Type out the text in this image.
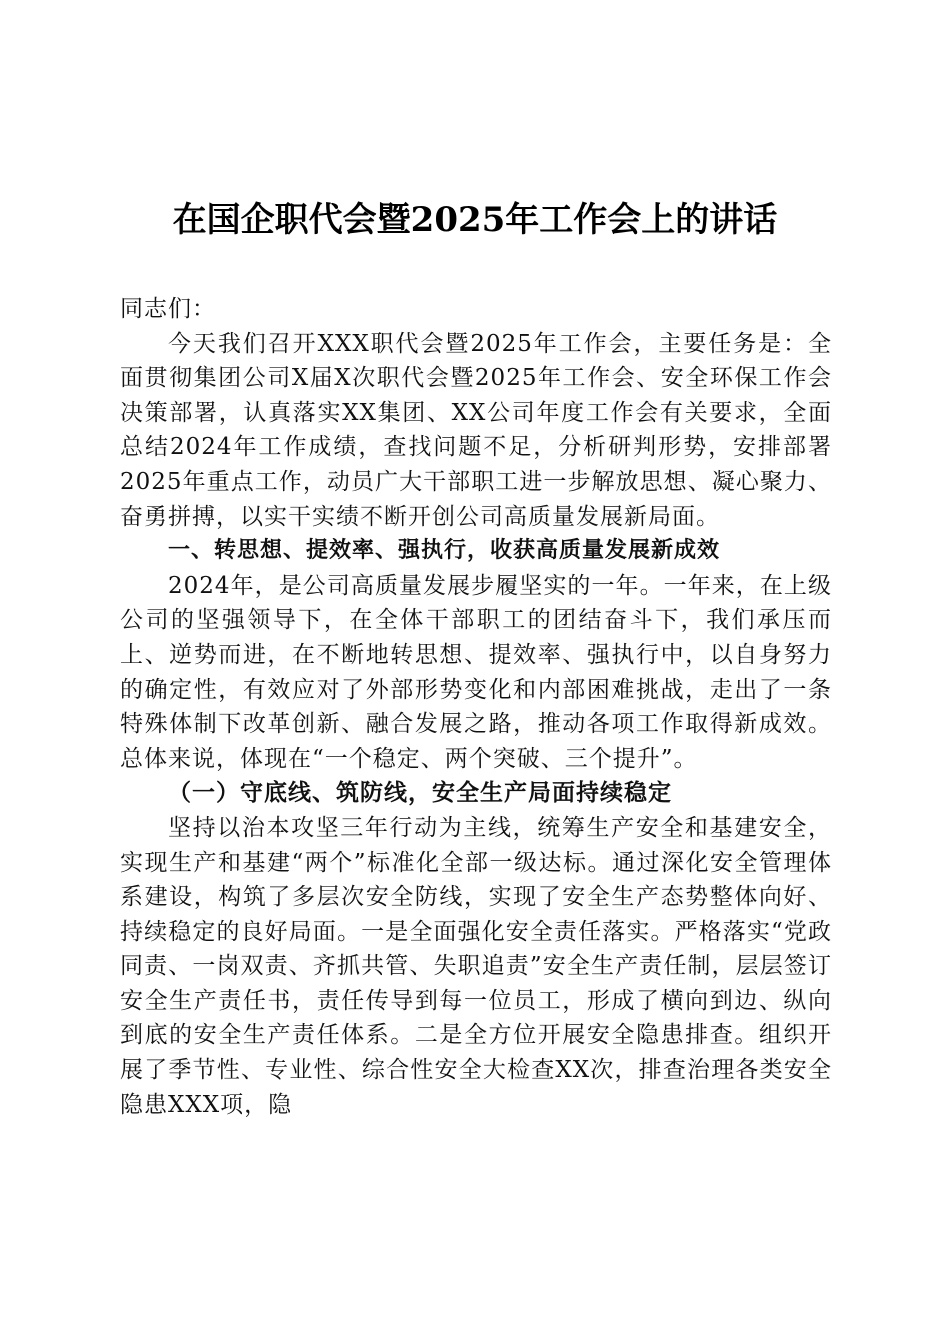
在国企职代会暨2025年工作会上的讲话

同志们：

今天我们召开XXX职代会暨2025年工作会，主要任务是：全面贯彻集团公司X届X次职代会暨2025年工作会、安全环保工作会决策部署，认真落实XX集团、XX公司年度工作会有关要求，全面总结2024年工作成绩，查找问题不足，分析研判形势，安排部署2025年重点工作，动员广大干部职工进一步解放思想、凝心聚力、奋勇拼搏，以实干实绩不断开创公司高质量发展新局面。

一、转思想、提效率、强执行，收获高质量发展新成效

2024年，是公司高质量发展步履坚实的一年。一年来，在上级公司的坚强领导下，在全体干部职工的团结奋斗下，我们承压而上、逆势而进，在不断地转思想、提效率、强执行中，以自身努力的确定性，有效应对了外部形势变化和内部困难挑战，走出了一条特殊体制下改革创新、融合发展之路，推动各项工作取得新成效。总体来说，体现在“一个稳定、两个突破、三个提升”。

（一）守底线、筑防线，安全生产局面持续稳定

坚持以治本攻坚三年行动为主线，统筹生产安全和基建安全，实现生产和基建“两个”标准化全部一级达标。通过深化安全管理体系建设，构筑了多层次安全防线，实现了安全生产态势整体向好、持续稳定的良好局面。一是全面强化安全责任落实。严格落实“党政同责、一岗双责、齐抓共管、失职追责”安全生产责任制，层层签订安全生产责任书，责任传导到每一位员工，形成了横向到边、纵向到底的安全生产责任体系。二是全方位开展安全隐患排查。组织开展了季节性、专业性、综合性安全大检查XX次，排查治理各类安全隐患XXX项，隐
